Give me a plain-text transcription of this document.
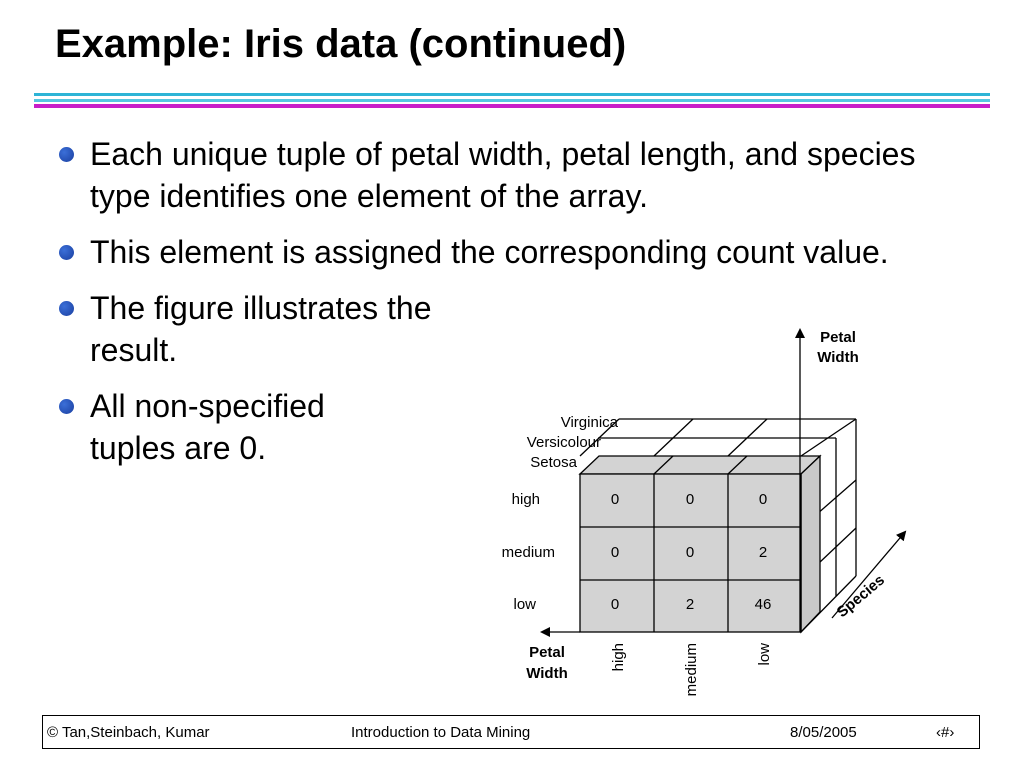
Example: Iris data (continued)
Each unique tuple of petal width, petal length, and species type identifies one element of the array.
This element is assigned the corresponding count value.
The figure illustrates the result.
All non-specified tuples are 0.
Petal
Width
Petal
Width
Species
Virginica
Versicolour
Setosa
high
medium
low
high	medium	low
0	0	0
0	0	2
0	2	46
© Tan,Steinbach, Kumar	Introduction to Data Mining	8/05/2005	‹#›
